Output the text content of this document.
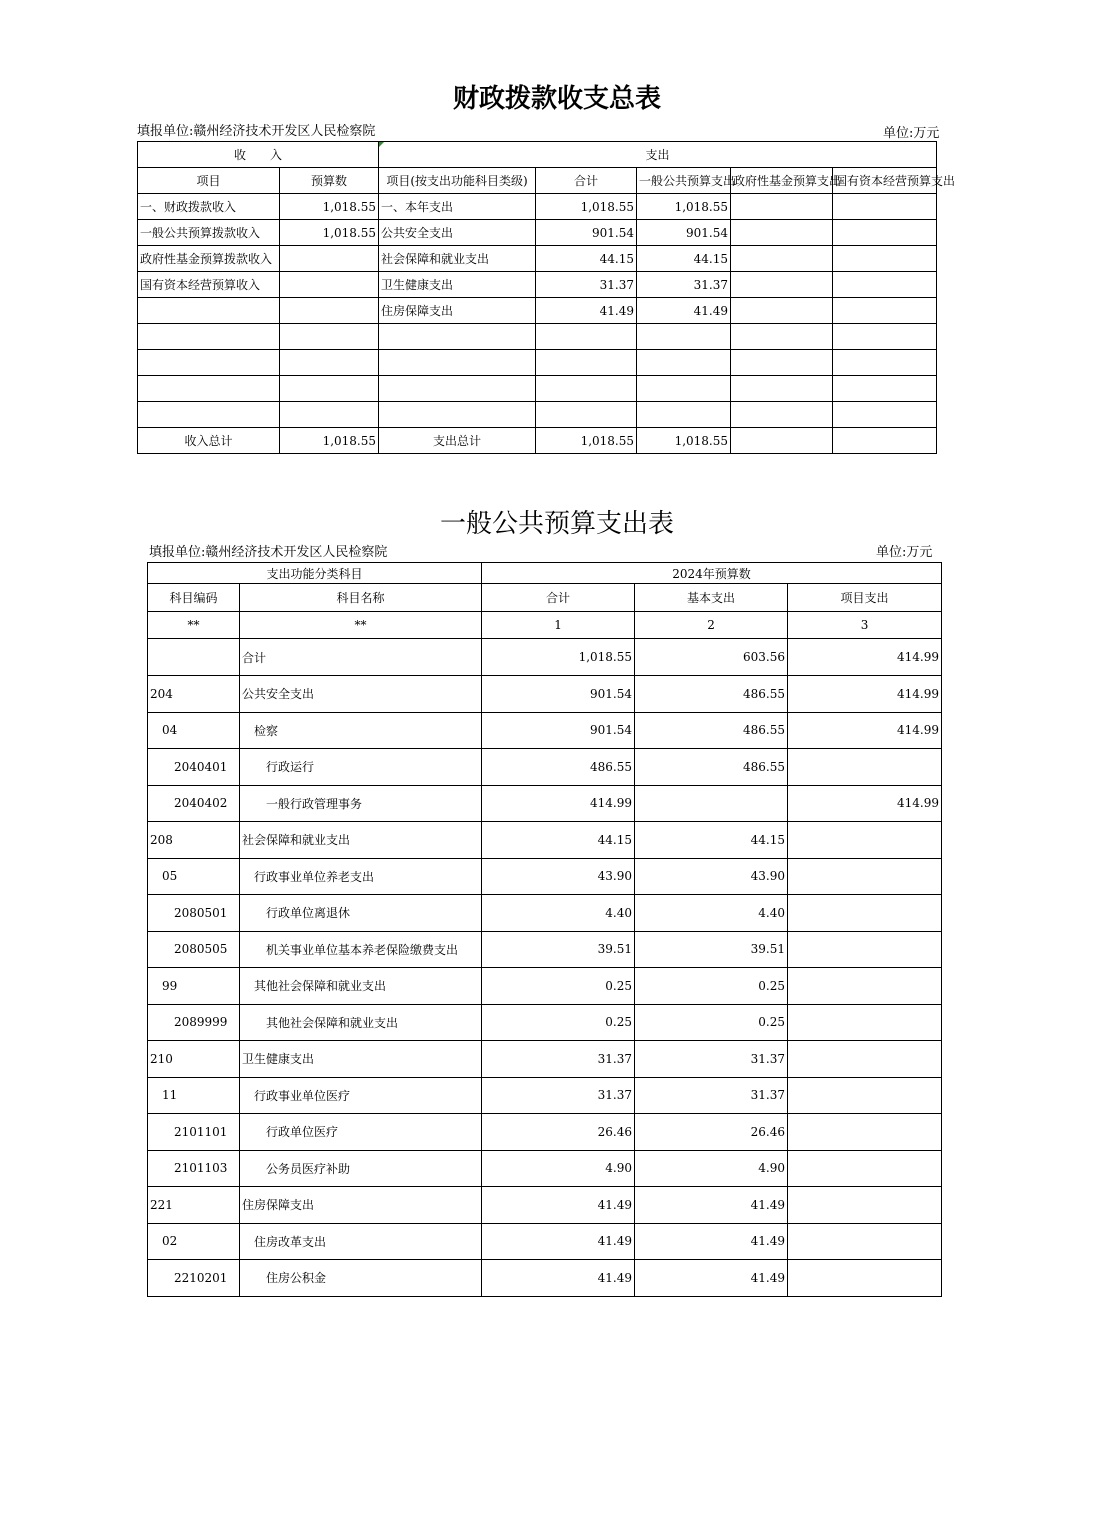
财政拨款收支总表
填报单位:赣州经济技术开发区人民检察院	单位:万元
收　　入		支出				
项目	预算数	项目(按支出功能科目类级)	合计	一般公共预算支出	政府性基金预算支出	国有资本经营预算支出
一、财政拨款收入	1,018.55	一、本年支出	1,018.55	1,018.55		
一般公共预算拨款收入	1,018.55	公共安全支出	901.54	901.54		
政府性基金预算拨款收入		社会保障和就业支出	44.15	44.15		
国有资本经营预算收入		卫生健康支出	31.37	31.37		
		住房保障支出	41.49	41.49		

收入总计	1,018.55	支出总计	1,018.55	1,018.55		
一般公共预算支出表
填报单位:赣州经济技术开发区人民检察院	单位:万元
支出功能分类科目		2024年预算数		
科目编码	科目名称	合计	基本支出	项目支出
**	**	1	2	3
	合计	1,018.55	603.56	414.99
204	公共安全支出	901.54	486.55	414.99
04	检察	901.54	486.55	414.99
2040401	行政运行	486.55	486.55	
2040402	一般行政管理事务	414.99		414.99
208	社会保障和就业支出	44.15	44.15	
05	行政事业单位养老支出	43.90	43.90	
2080501	行政单位离退休	4.40	4.40	
2080505	机关事业单位基本养老保险缴费支出	39.51	39.51	
99	其他社会保障和就业支出	0.25	0.25	
2089999	其他社会保障和就业支出	0.25	0.25	
210	卫生健康支出	31.37	31.37	
11	行政事业单位医疗	31.37	31.37	
2101101	行政单位医疗	26.46	26.46	
2101103	公务员医疗补助	4.90	4.90	
221	住房保障支出	41.49	41.49	
02	住房改革支出	41.49	41.49	
2210201	住房公积金	41.49	41.49	
